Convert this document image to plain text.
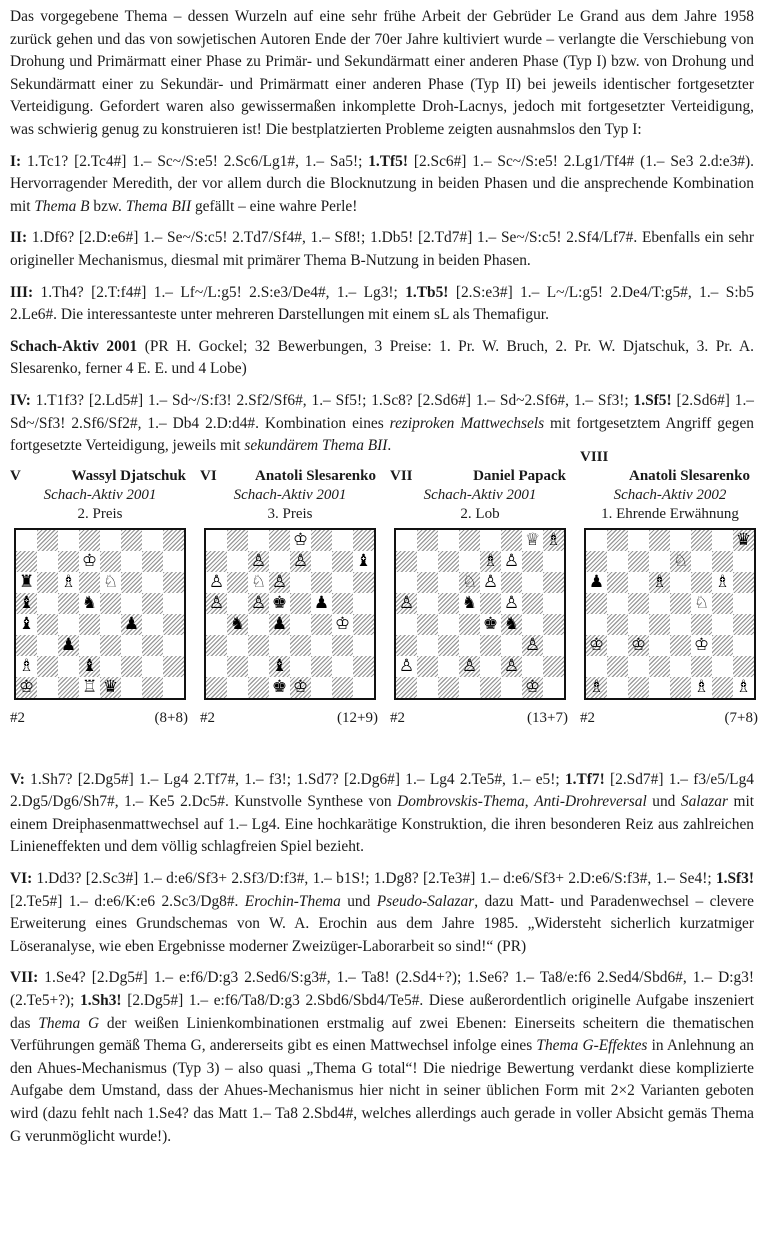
Das vorgegebene Thema – dessen Wurzeln auf eine sehr frühe Arbeit der Gebrüder Le Grand aus dem Jahre 1958 zurück gehen und das von sowjetischen Autoren Ende der 70er Jahre kultiviert wurde – verlangte die Verschiebung von Drohung und Primärmatt einer Phase zu Primär- und Sekundärmatt einer anderen Phase (Typ I) bzw. von Drohung und Sekundärmatt einer zu Sekundär- und Primärmatt einer anderen Phase (Typ II) bei jeweils identischer fortgesetzter Verteidigung. Gefordert waren also gewissermaßen inkomplette Droh-Lacnys, jedoch mit fortgesetzter Verteidigung, was schwierig genug zu konstruieren ist! Die bestplatzierten Probleme zeigten ausnahmslos den Typ I:

I: 1.Tc1? [2.Tc4#] 1.– Sc~/S:e5! 2.Sc6/Lg1#, 1.– Sa5!; 1.Tf5! [2.Sc6#] 1.– Sc~/S:e5! 2.Lg1/Tf4# (1.– Se3 2.d:e3#). Hervorragender Meredith, der vor allem durch die Blocknutzung in beiden Phasen und die ansprechende Kombination mit Thema B bzw. Thema BII gefällt – eine wahre Perle!

II: 1.Df6? [2.D:e6#] 1.– Se~/S:c5! 2.Td7/Sf4#, 1.– Sf8!; 1.Db5! [2.Td7#] 1.– Se~/S:c5! 2.Sf4/Lf7#. Ebenfalls ein sehr origineller Mechanismus, diesmal mit primärer Thema B-Nutzung in beiden Phasen.

III: 1.Th4? [2.T:f4#] 1.– Lf~/L:g5! 2.S:e3/De4#, 1.– Lg3!; 1.Tb5! [2.S:e3#] 1.– L~/L:g5! 2.De4/T:g5#, 1.– S:b5 2.Le6#. Die interessanteste unter mehreren Darstellungen mit einem sL als Themafigur.

Schach-Aktiv 2001 (PR H. Gockel; 32 Bewerbungen, 3 Preise: 1. Pr. W. Bruch, 2. Pr. W. Djatschuk, 3. Pr. A. Slesarenko, ferner 4 E. E. und 4 Lobe)

IV: 1.T1f3? [2.Ld5#] 1.– Sd~/S:f3! 2.Sf2/Sf6#, 1.– Sf5!; 1.Sc8? [2.Sd6#] 1.– Sd~2.Sf6#, 1.– Sf3!; 1.Sf5! [2.Sd6#] 1.– Sd~/Sf3! 2.Sf6/Sf2#, 1.– Db4 2.D:d4#. Kombination eines reziproken Mattwechsels mit fortgesetztem Angriff gegen fortgesetzte Verteidigung, jeweils mit sekundärem Thema BII.

V	Wassyl Djatschuk
Schach-Aktiv 2001
2. Preis
♔
♜ ♗ ♘
♝	♞
♝	♟
♟
♗	♝
♔	♖ ♛
#2	(8+8)
VI	Anatoli Slesarenko
Schach-Aktiv 2001
3. Preis
♔
♙ ♙	♝
♙ ♘ ♙
♙ ♙ ♚ ♟
♞ ♟	♔
♝
♚ ♔
#2	(12+9)
VII	Daniel Papack
Schach-Aktiv 2001
2. Lob
♕ ♗
♗ ♙
♘ ♙
♙	♞ ♙
♚ ♞
♙
♙	♙ ♙
♔
#2	(13+7)
VIII
Anatoli Slesarenko
Schach-Aktiv 2002
1. Ehrende Erwähnung
♛
♘
♟	♗	♗
♘
♔ ♔	♔
♗	♗ ♗
#2	(7+8)

V: 1.Sh7? [2.Dg5#] 1.– Lg4 2.Tf7#, 1.– f3!; 1.Sd7? [2.Dg6#] 1.– Lg4 2.Te5#, 1.– e5!; 1.Tf7! [2.Sd7#] 1.– f3/e5/Lg4 2.Dg5/Dg6/Sh7#, 1.– Ke5 2.Dc5#. Kunstvolle Synthese von Dombrovskis-Thema, Anti-Drohreversal und Salazar mit einem Dreiphasenmattwechsel auf 1.– Lg4. Eine hochkarätige Konstruktion, die ihren besonderen Reiz aus zahlreichen Linieneffekten und dem völlig schlagfreien Spiel bezieht.

VI: 1.Dd3? [2.Sc3#] 1.– d:e6/Sf3+ 2.Sf3/D:f3#, 1.– b1S!; 1.Dg8? [2.Te3#] 1.– d:e6/Sf3+ 2.D:e6/S:f3#, 1.– Se4!; 1.Sf3! [2.Te5#] 1.– d:e6/K:e6 2.Sc3/Dg8#. Erochin-Thema und Pseudo-Salazar, dazu Matt- und Paradenwechsel – clevere Erweiterung eines Grundschemas von W. A. Erochin aus dem Jahre 1985. „Widersteht sicherlich kurzatmiger Löseranalyse, wie eben Ergebnisse moderner Zweizüger-Laborarbeit so sind!“ (PR)

VII: 1.Se4? [2.Dg5#] 1.– e:f6/D:g3 2.Sed6/S:g3#, 1.– Ta8! (2.Sd4+?); 1.Se6? 1.– Ta8/e:f6 2.Sed4/Sbd6#, 1.– D:g3! (2.Te5+?); 1.Sh3! [2.Dg5#] 1.– e:f6/Ta8/D:g3 2.Sbd6/Sbd4/Te5#. Diese außerordentlich originelle Aufgabe inszeniert das Thema G der weißen Linienkombinationen erstmalig auf zwei Ebenen: Einerseits scheitern die thematischen Verführungen gemäß Thema G, andererseits gibt es einen Mattwechsel infolge eines Thema G-Effektes in Anlehnung an den Ahues-Mechanismus (Typ 3) – also quasi „Thema G total“! Die niedrige Bewertung verdankt diese komplizierte Aufgabe dem Umstand, dass der Ahues-Mechanismus hier nicht in seiner üblichen Form mit 2×2 Varianten geboten wird (dazu fehlt nach 1.Se4? das Matt 1.– Ta8 2.Sbd4#, welches allerdings auch gerade in voller Absicht gemäs Thema G verunmöglicht wurde!).
